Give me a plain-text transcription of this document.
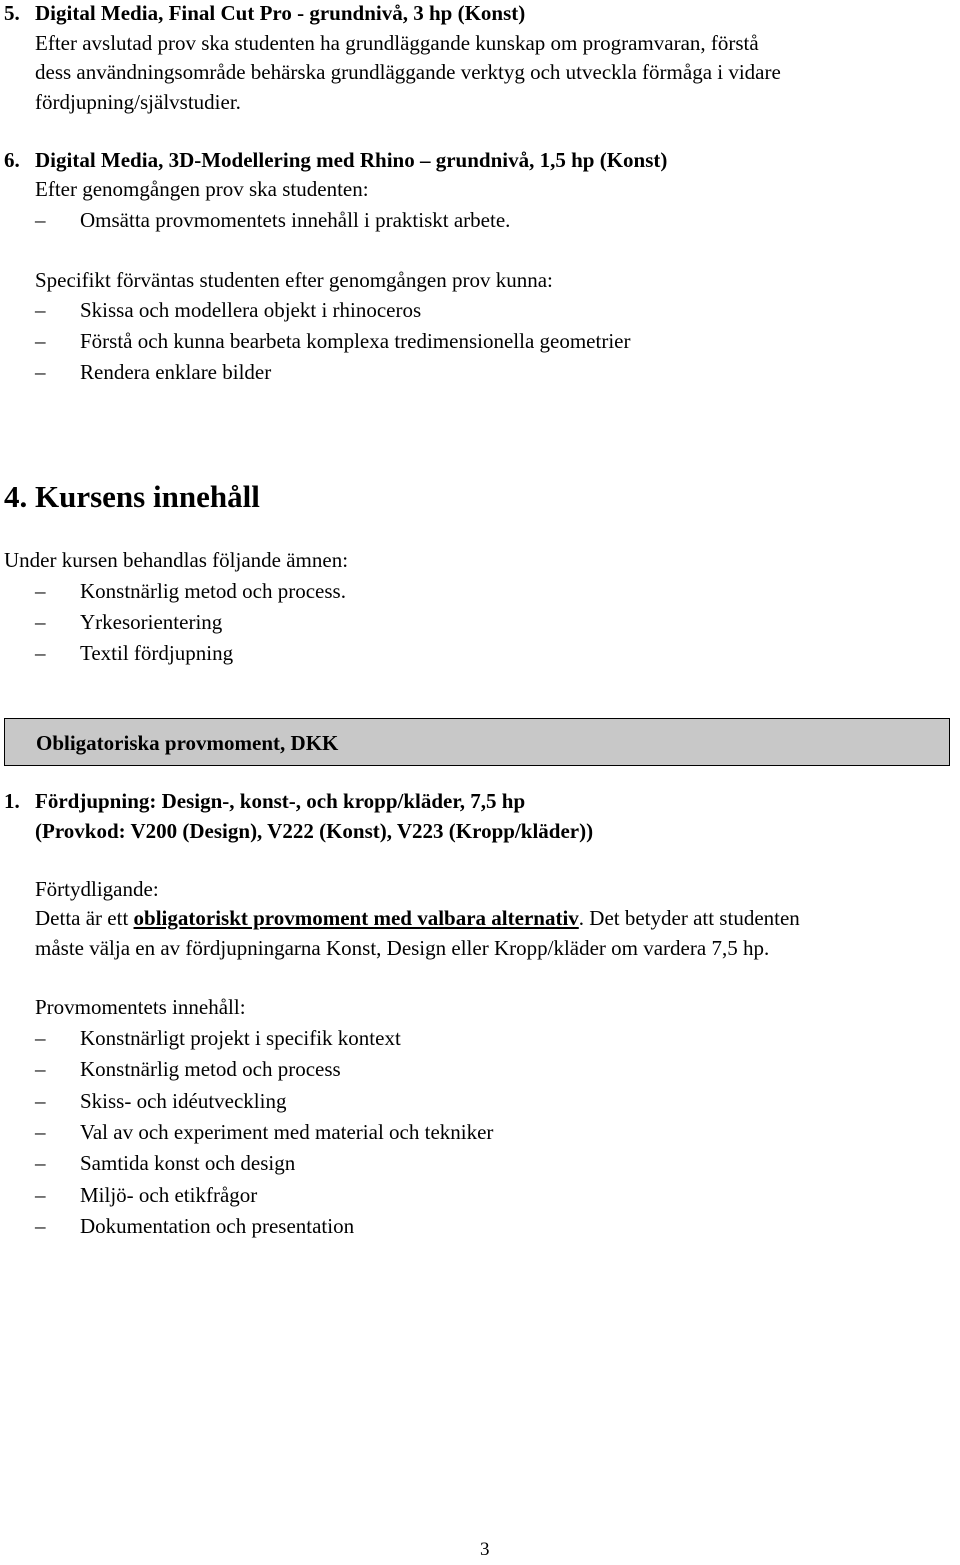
5. Digital Media, Final Cut Pro - grundnivå, 3 hp (Konst)
Efter avslutad prov ska studenten ha grundläggande kunskap om programvaran, förstå
dess användningsområde behärska grundläggande verktyg och utveckla förmåga i vidare
fördjupning/självstudier.
6. Digital Media, 3D-Modellering med Rhino – grundnivå, 1,5 hp (Konst)
Efter genomgången prov ska studenten:
– Omsätta provmomentets innehåll i praktiskt arbete.
Specifikt förväntas studenten efter genomgången prov kunna:
– Skissa och modellera objekt i rhinoceros
– Förstå och kunna bearbeta komplexa tredimensionella geometrier
– Rendera enklare bilder
4. Kursens innehåll
Under kursen behandlas följande ämnen:
– Konstnärlig metod och process.
– Yrkesorientering
– Textil fördjupning
Obligatoriska provmoment, DKK
1. Fördjupning: Design-, konst-, och kropp/kläder, 7,5 hp
(Provkod: V200 (Design), V222 (Konst), V223 (Kropp/kläder))
Förtydligande:
Detta är ett obligatoriskt provmoment med valbara alternativ. Det betyder att studenten
måste välja en av fördjupningarna Konst, Design eller Kropp/kläder om vardera 7,5 hp.
Provmomentets innehåll:
– Konstnärligt projekt i specifik kontext
– Konstnärlig metod och process
– Skiss- och idéutveckling
– Val av och experiment med material och tekniker
– Samtida konst och design
– Miljö- och etikfrågor
– Dokumentation och presentation
3
